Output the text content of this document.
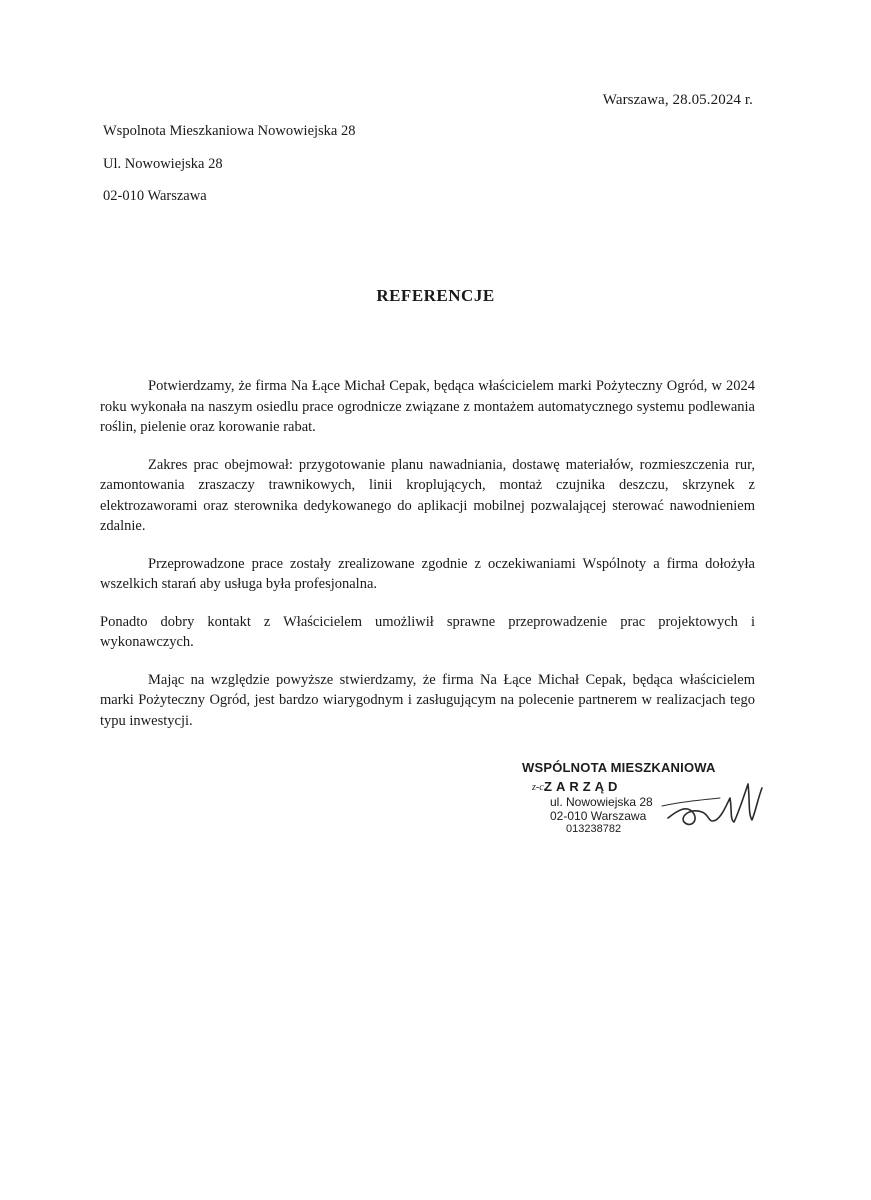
Warszawa, 28.05.2024 r.
Wspolnota Mieszkaniowa Nowowiejska 28
Ul. Nowowiejska 28
02-010 Warszawa
REFERENCJE

Potwierdzamy, że firma Na Łące Michał Cepak, będąca właścicielem marki Pożyteczny Ogród, w 2024 roku wykonała na naszym osiedlu prace ogrodnicze związane z montażem automatycznego systemu podlewania roślin, pielenie oraz korowanie rabat.

Zakres prac obejmował: przygotowanie planu nawadniania, dostawę materiałów, rozmieszczenia rur, zamontowania zraszaczy trawnikowych, linii kroplujących, montaż czujnika deszczu, skrzynek z elektrozaworami oraz sterownika dedykowanego do aplikacji mobilnej pozwalającej sterować nawodnieniem zdalnie.

Przeprowadzone prace zostały zrealizowane zgodnie z oczekiwaniami Wspólnoty a firma dołożyła wszelkich starań aby usługa była profesjonalna.

Ponadto dobry kontakt z Właścicielem umożliwił sprawne przeprowadzenie prac projektowych i wykonawczych.

Mając na względzie powyższe stwierdzamy, że firma Na Łące Michał Cepak, będąca właścicielem marki Pożyteczny Ogród, jest bardzo wiarygodnym i zasługującym na polecenie partnerem w realizacjach tego typu inwestycji.

WSPÓLNOTA MIESZKANIOWA
z-c.
ZARZĄD
ul. Nowowiejska 28
02-010 Warszawa
013238782
